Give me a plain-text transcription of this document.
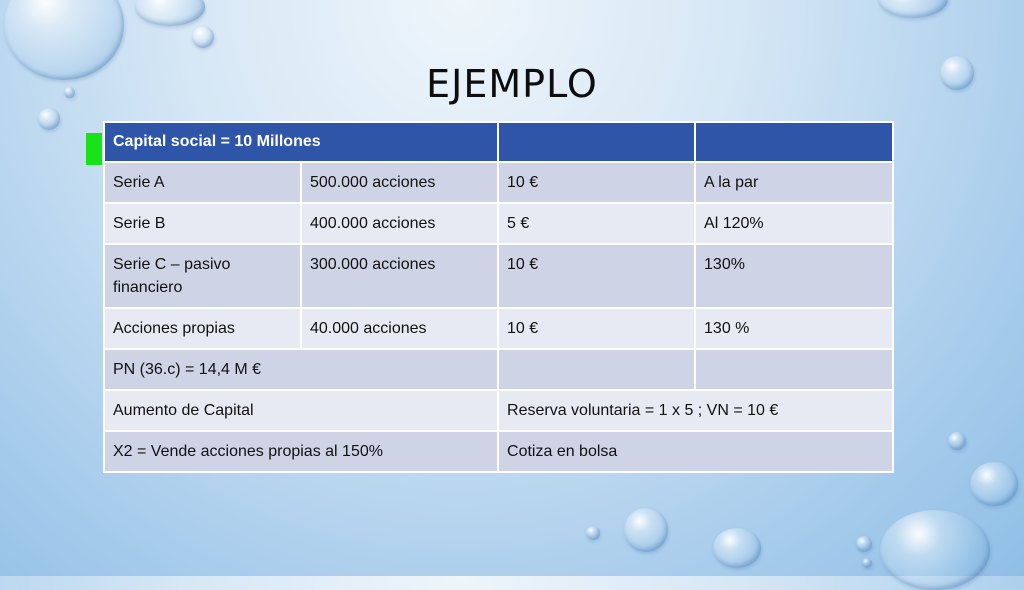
EJEMPLO
Capital social = 10 Millones			
Serie A	500.000 acciones	10 €	A la par
Serie B	400.000 acciones	5 €	Al 120%
Serie C – pasivo financiero	300.000 acciones	10 €	130%
Acciones propias	40.000 acciones	10 €	130 %
PN (36.c) = 14,4 M €			
Aumento de Capital		Reserva voluntaria = 1 x 5 ; VN = 10 €	
X2 = Vende acciones propias al 150%		Cotiza en bolsa	
